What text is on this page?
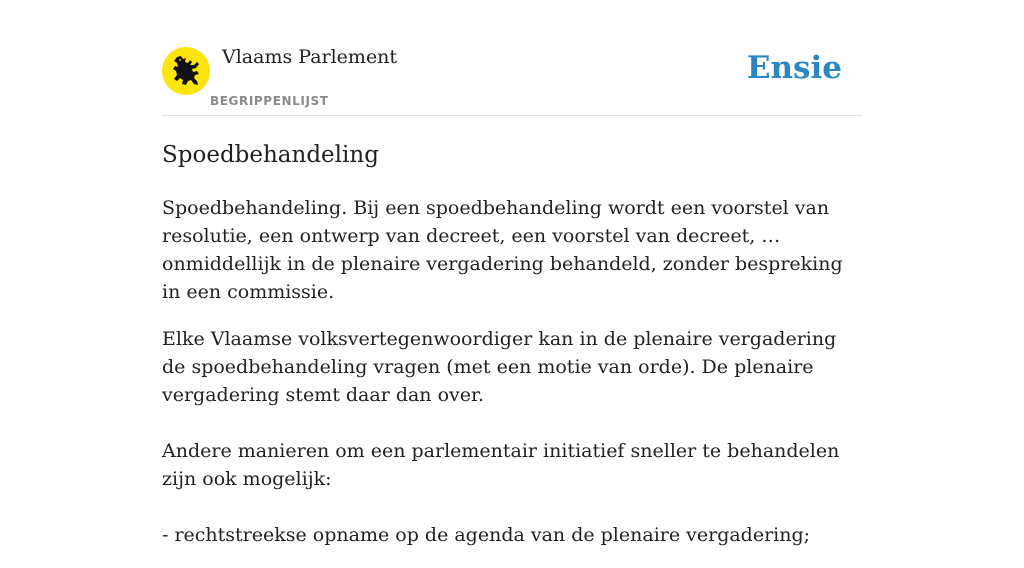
Vlaams Parlement
BEGRIPPENLIJST
Ensie
Spoedbehandeling

Spoedbehandeling. Bij een spoedbehandeling wordt een voorstel van resolutie, een ontwerp van decreet, een voorstel van decreet, … onmiddellijk in de plenaire vergadering behandeld, zonder bespreking in een commissie.

Elke Vlaamse volksvertegenwoordiger kan in de plenaire vergadering de spoedbehandeling vragen (met een motie van orde). De plenaire vergadering stemt daar dan over.

Andere manieren om een parlementair initiatief sneller te behandelen zijn ook mogelijk:

- rechtstreekse opname op de agenda van de plenaire vergadering;
